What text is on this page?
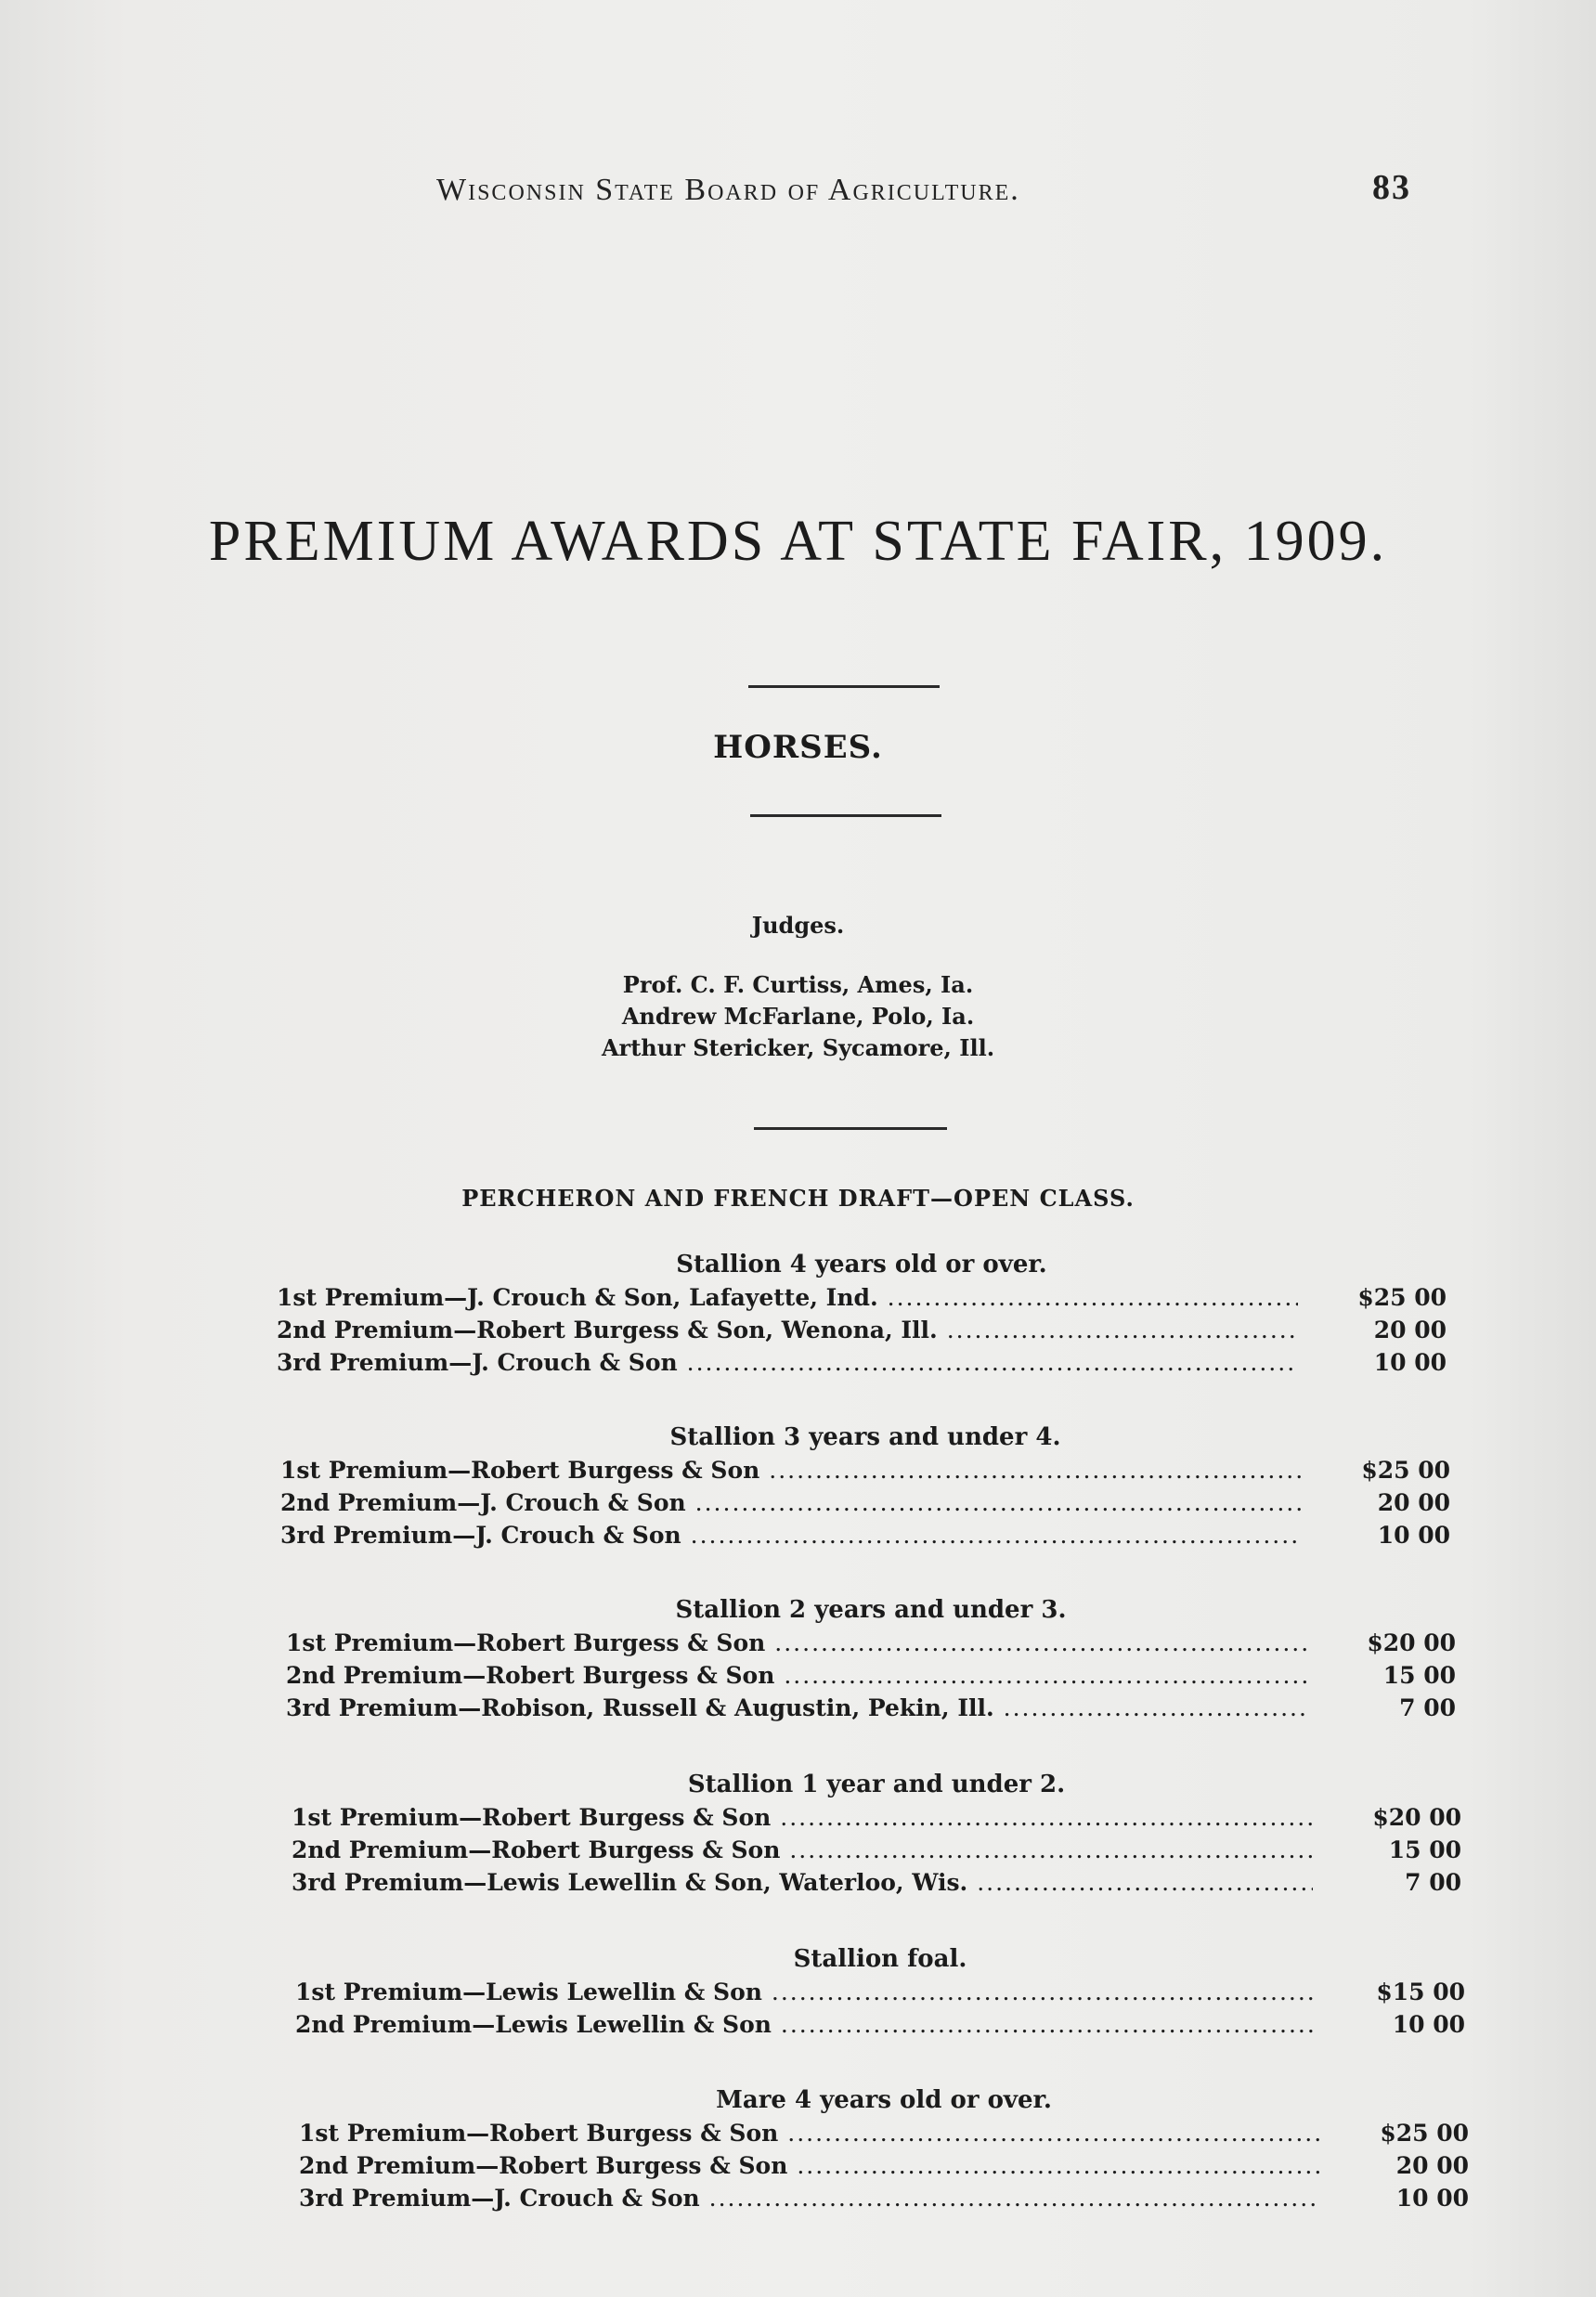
Wisconsin State Board of Agriculture.	83
PREMIUM AWARDS AT STATE FAIR, 1909.
HORSES.
Judges.
Prof. C. F. Curtiss, Ames, Ia.
Andrew McFarlane, Polo, Ia.
Arthur Stericker, Sycamore, Ill.
PERCHERON AND FRENCH DRAFT—OPEN CLASS.
Stallion 4 years old or over.
1st Premium—J. Crouch & Son, Lafayette, Ind. .....	$25 00
2nd Premium—Robert Burgess & Son, Wenona, Ill. .....	20 00
3rd Premium—J. Crouch & Son .....	10 00
Stallion 3 years and under 4.
1st Premium—Robert Burgess & Son .....	$25 00
2nd Premium—J. Crouch & Son .....	20 00
3rd Premium—J. Crouch & Son .....	10 00
Stallion 2 years and under 3.
1st Premium—Robert Burgess & Son .....	$20 00
2nd Premium—Robert Burgess & Son .....	15 00
3rd Premium—Robison, Russell & Augustin, Pekin, Ill. .....	7 00
Stallion 1 year and under 2.
1st Premium—Robert Burgess & Son .....	$20 00
2nd Premium—Robert Burgess & Son .....	15 00
3rd Premium—Lewis Lewellin & Son, Waterloo, Wis. .....	7 00
Stallion foal.
1st Premium—Lewis Lewellin & Son .....	$15 00
2nd Premium—Lewis Lewellin & Son .....	10 00
Mare 4 years old or over.
1st Premium—Robert Burgess & Son .....	$25 00
2nd Premium—Robert Burgess & Son .....	20 00
3rd Premium—J. Crouch & Son .....	10 00
